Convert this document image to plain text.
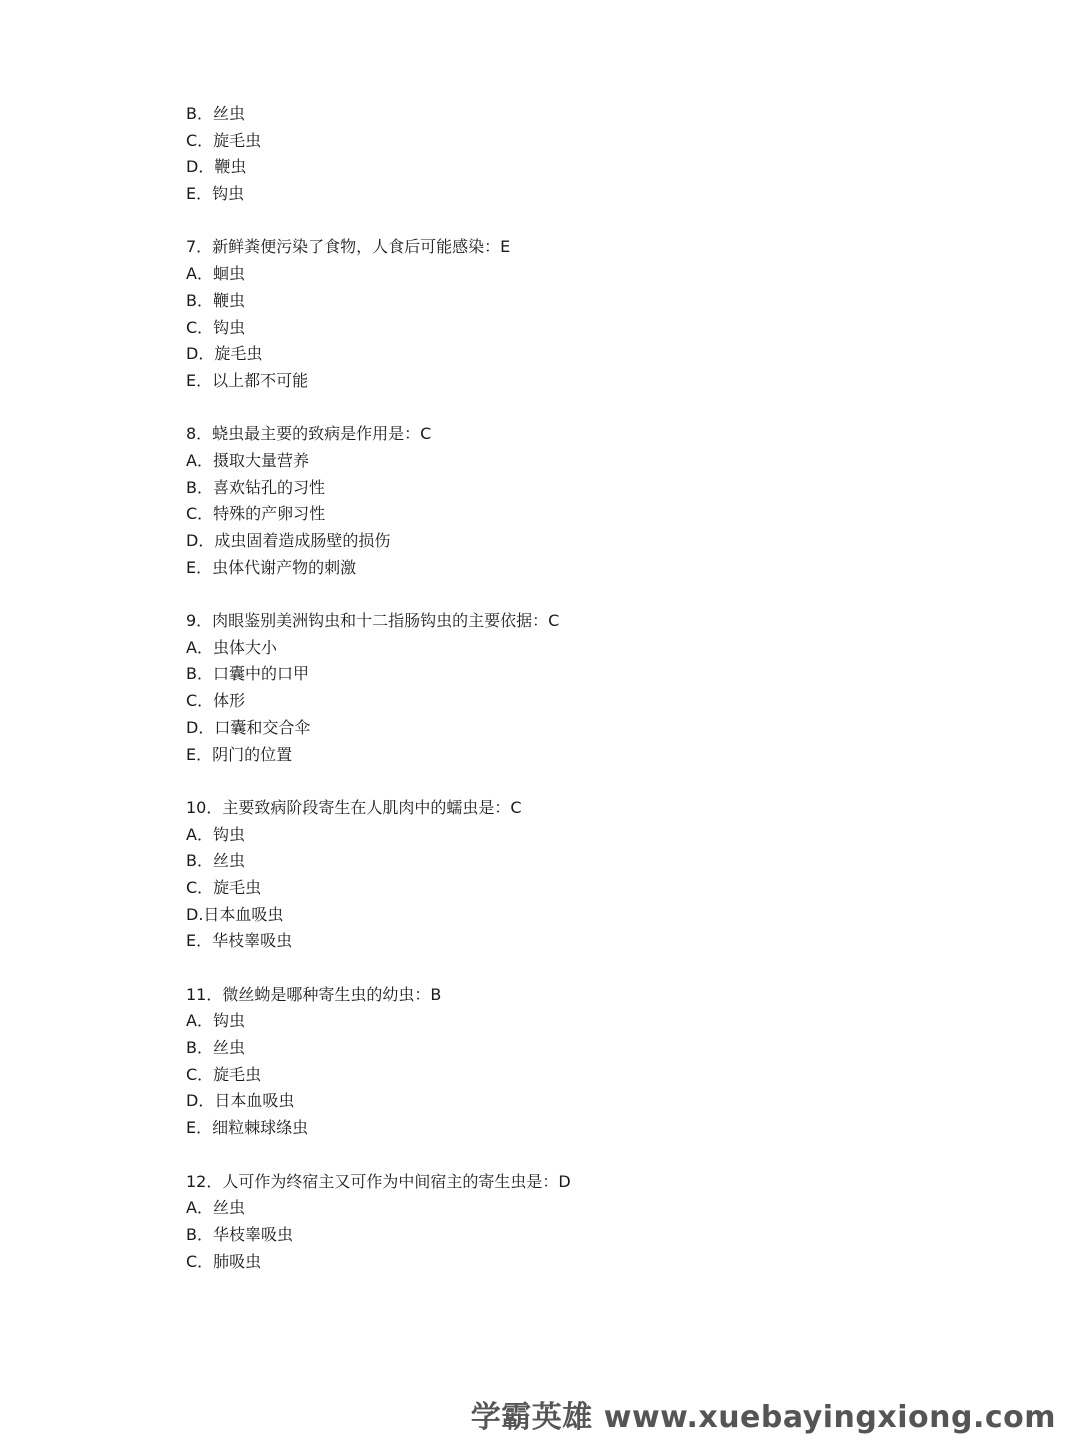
B．丝虫
C．旋毛虫
D．鞭虫
E．钩虫
7．新鲜粪便污染了食物，人食后可能感染：E
A．蛔虫
B．鞭虫
C．钩虫
D．旋毛虫
E．以上都不可能
8．蛲虫最主要的致病是作用是：C
A．摄取大量营养
B．喜欢钻孔的习性
C．特殊的产卵习性
D．成虫固着造成肠壁的损伤
E．虫体代谢产物的刺激
9．肉眼鉴别美洲钩虫和十二指肠钩虫的主要依据：C
A．虫体大小
B．口囊中的口甲
C．体形
D．口囊和交合伞
E．阴门的位置
10．主要致病阶段寄生在人肌肉中的蠕虫是：C
A．钩虫
B．丝虫
C．旋毛虫
D.日本血吸虫
E．华枝睾吸虫
11．微丝蚴是哪种寄生虫的幼虫：B
A．钩虫
B．丝虫
C．旋毛虫
D．日本血吸虫
E．细粒棘球绦虫
12．人可作为终宿主又可作为中间宿主的寄生虫是：D
A．丝虫
B．华枝睾吸虫
C．肺吸虫
学霸英雄 www.xuebayingxiong.com
